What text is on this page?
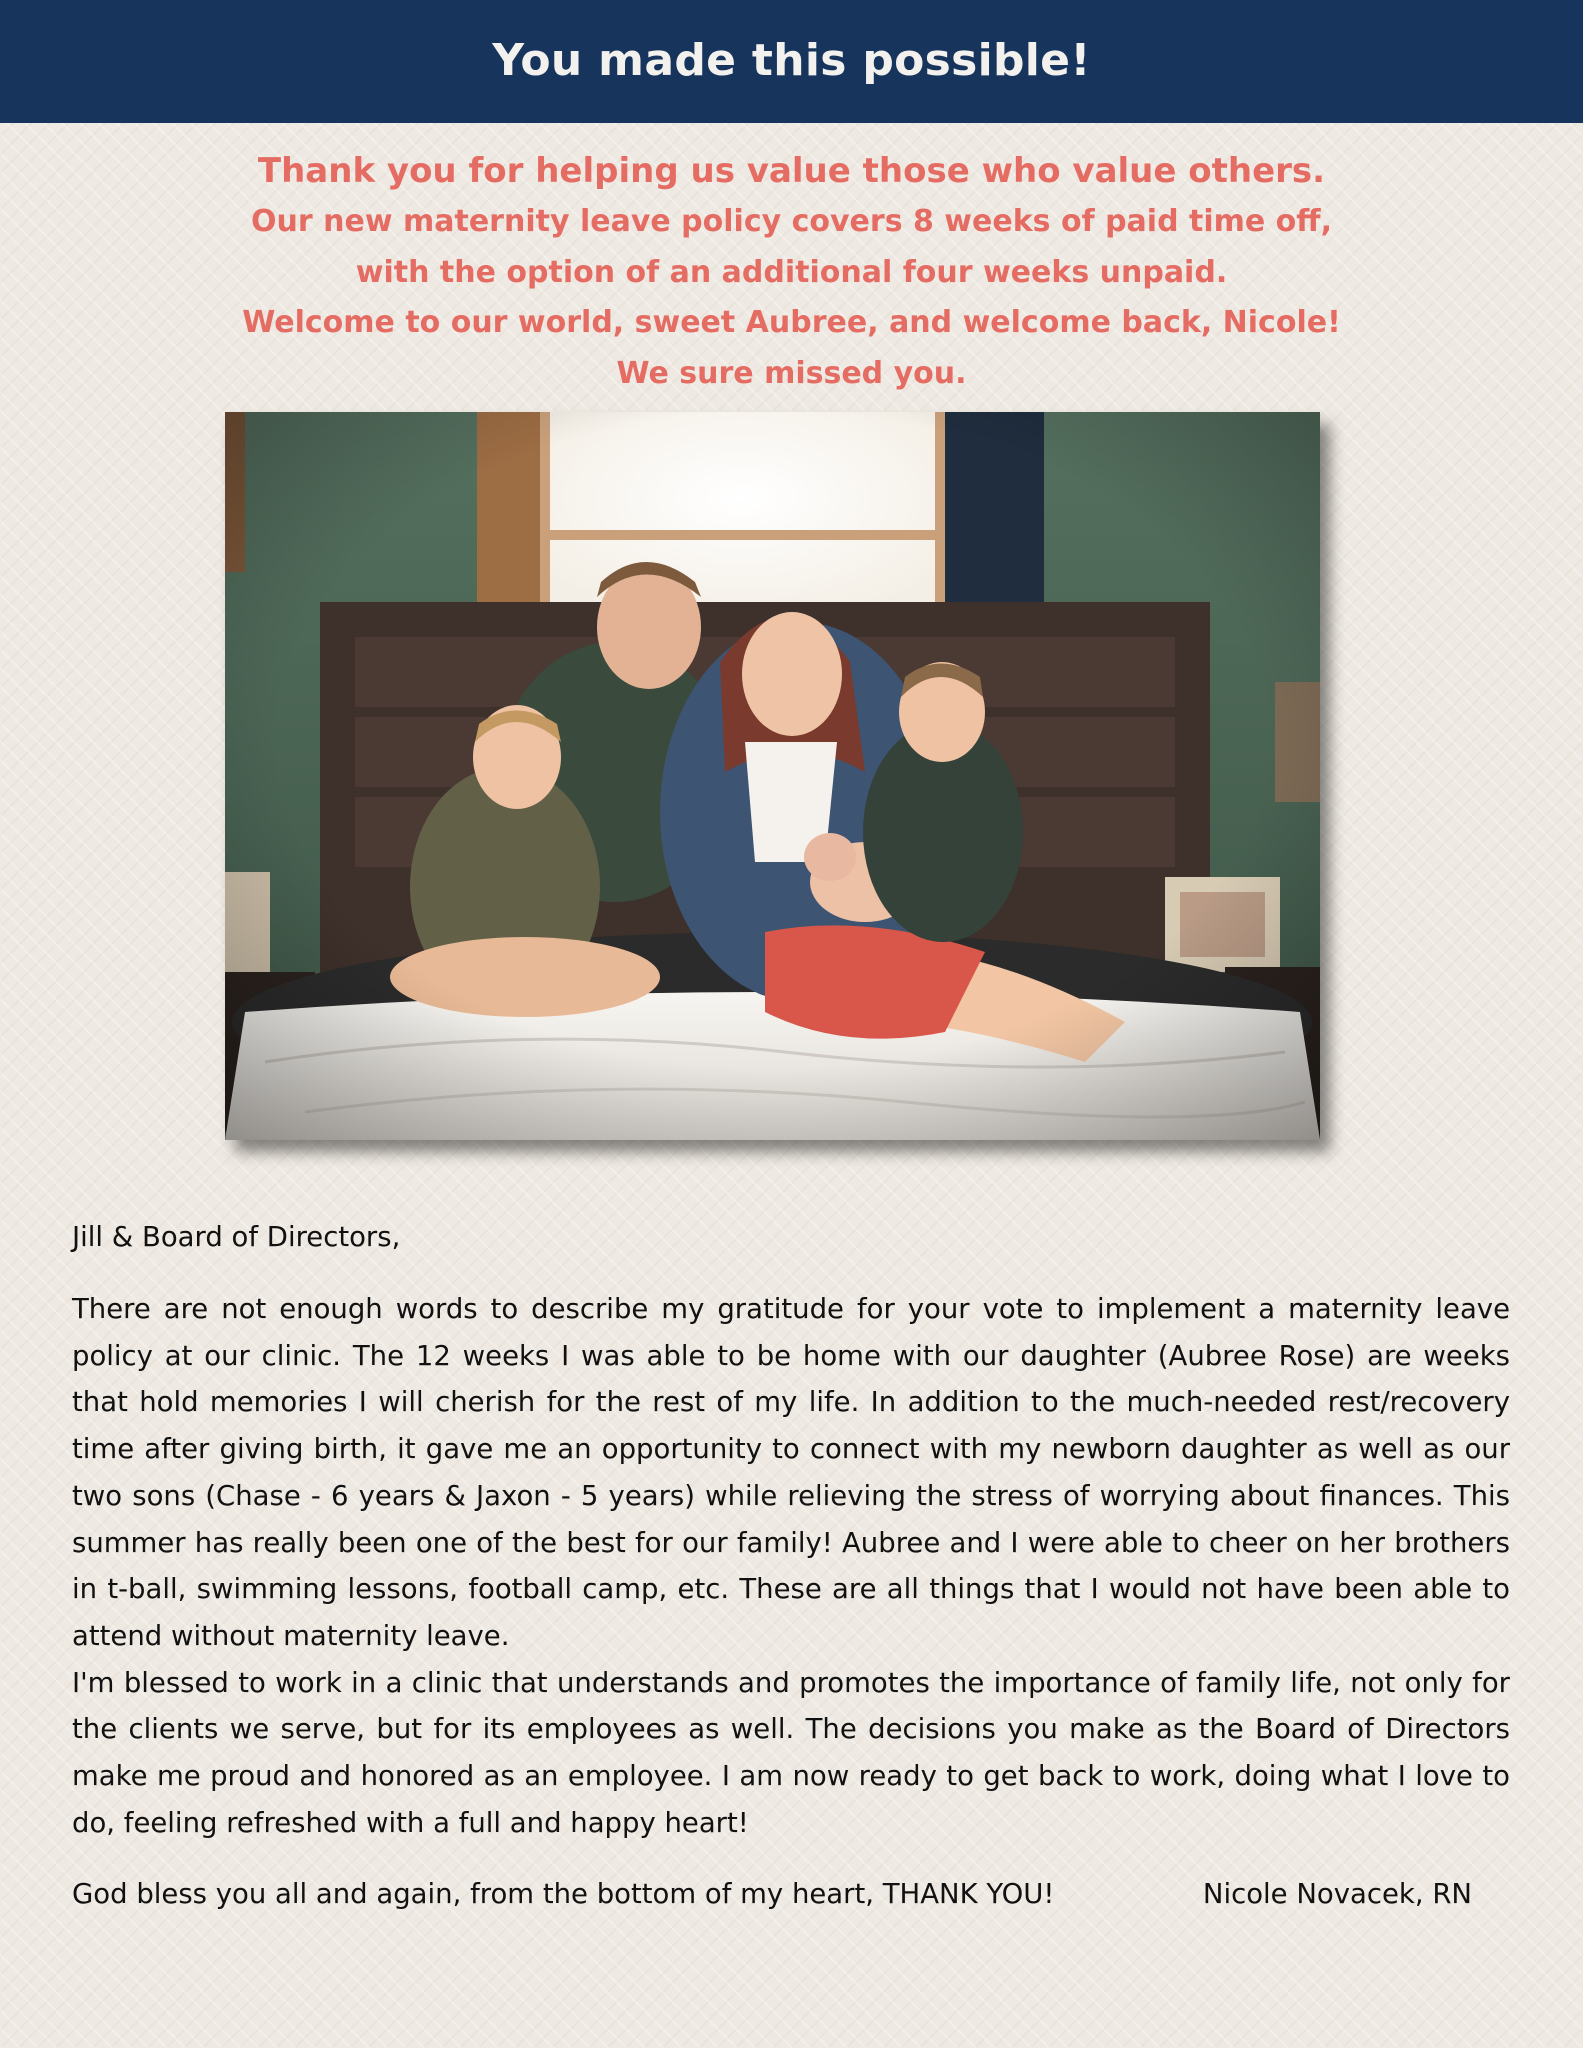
You made this possible!
Thank you for helping us value those who value others.
Our new maternity leave policy covers 8 weeks of paid time off,
with the option of an additional four weeks unpaid.
Welcome to our world, sweet Aubree, and welcome back, Nicole!
We sure missed you.
Jill & Board of Directors,

There are not enough words to describe my gratitude for your vote to implement a maternity leave policy at our clinic. The 12 weeks I was able to be home with our daughter (Aubree Rose) are weeks that hold memories I will cherish for the rest of my life. In addition to the much-needed rest/recovery time after giving birth, it gave me an opportunity to connect with my newborn daughter as well as our two sons (Chase - 6 years & Jaxon - 5 years) while relieving the stress of worrying about finances. This summer has really been one of the best for our family! Aubree and I were able to cheer on her brothers in t-ball, swimming lessons, football camp, etc. These are all things that I would not have been able to attend without maternity leave.

I'm blessed to work in a clinic that understands and promotes the importance of family life, not only for the clients we serve, but for its employees as well. The decisions you make as the Board of Directors make me proud and honored as an employee. I am now ready to get back to work, doing what I love to do, feeling refreshed with a full and happy heart!

God bless you all and again, from the bottom of my heart, THANK YOU!	Nicole Novacek, RN
